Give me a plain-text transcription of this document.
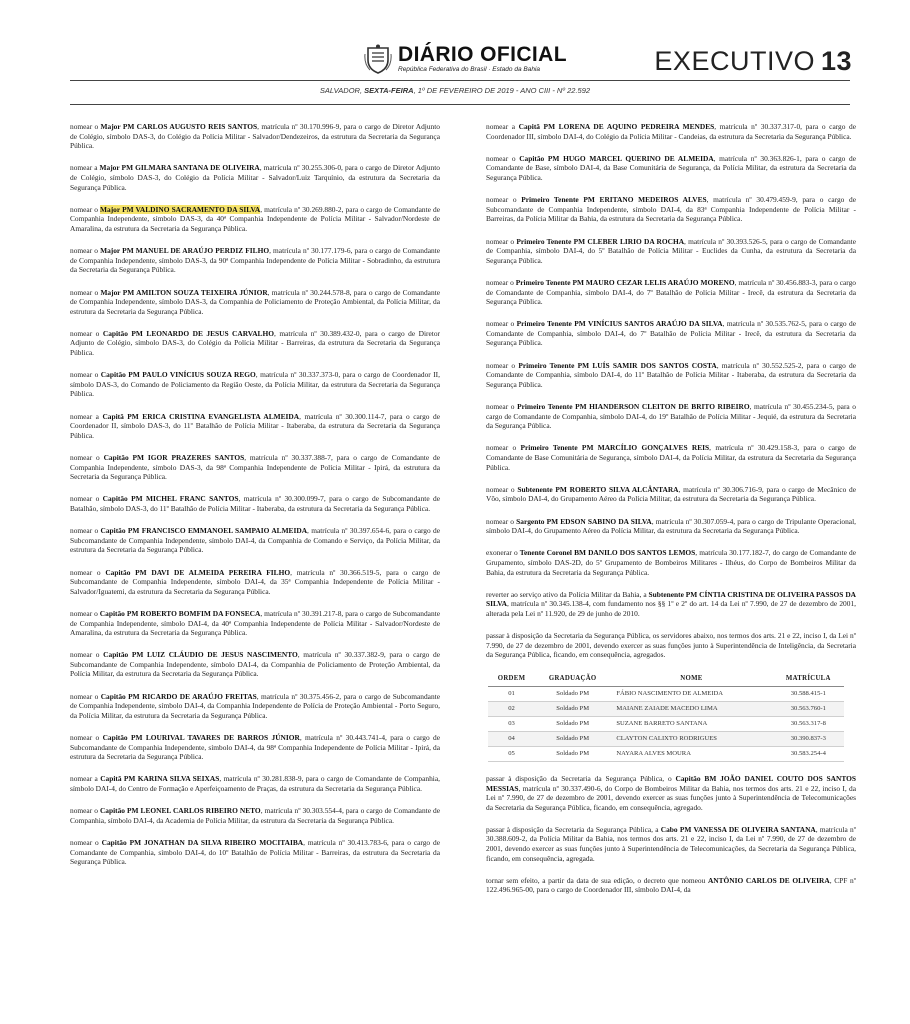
DIÁRIO OFICIAL
República Federativa do Brasil · Estado da Bahia	EXECUTIVO 13
SALVADOR, SEXTA-FEIRA, 1º DE FEVEREIRO DE 2019 - ANO CIII - Nº 22.592
nomear o Major PM CARLOS AUGUSTO REIS SANTOS, matrícula nº 30.170.996-9, para o cargo de Diretor Adjunto de Colégio, símbolo DAS-3, do Colégio da Polícia Militar - Salvador/Dendezeiros, da estrutura da Secretaria da Segurança Pública.
nomear a Major PM GILMARA SANTANA DE OLIVEIRA, matrícula nº 30.255.306-0, para o cargo de Diretor Adjunto de Colégio, símbolo DAS-3, do Colégio da Polícia Militar - Salvador/Luiz Tarquínio, da estrutura da Secretaria da Segurança Pública.
nomear o Major PM VALDINO SACRAMENTO DA SILVA, matrícula nº 30.269.880-2, para o cargo de Comandante de Companhia Independente, símbolo DAS-3, da 40ª Companhia Independente de Polícia Militar - Salvador/Nordeste de Amaralina, da estrutura da Secretaria da Segurança Pública.
nomear o Major PM MANUEL DE ARAÚJO PERDIZ FILHO, matrícula nº 30.177.179-6, para o cargo de Comandante de Companhia Independente, símbolo DAS-3, da 90ª Companhia Independente de Polícia Militar - Sobradinho, da estrutura da Secretaria da Segurança Pública.
nomear o Major PM AMILTON SOUZA TEIXEIRA JÚNIOR, matrícula nº 30.244.578-8, para o cargo de Comandante de Companhia Independente, símbolo DAS-3, da Companhia de Policiamento de Proteção Ambiental, da Polícia Militar, da estrutura da Secretaria da Segurança Pública.
nomear o Capitão PM LEONARDO DE JESUS CARVALHO, matrícula nº 30.389.432-0, para o cargo de Diretor Adjunto de Colégio, símbolo DAS-3, do Colégio da Polícia Militar - Barreiras, da estrutura da Secretaria da Segurança Pública.
nomear o Capitão PM PAULO VINÍCIUS SOUZA REGO, matrícula nº 30.337.373-0, para o cargo de Coordenador II, símbolo DAS-3, do Comando de Policiamento da Região Oeste, da Polícia Militar, da estrutura da Secretaria da Segurança Pública.
nomear a Capitã PM ERICA CRISTINA EVANGELISTA ALMEIDA, matrícula nº 30.300.114-7, para o cargo de Coordenador II, símbolo DAS-3, do 11º Batalhão de Polícia Militar - Itaberaba, da estrutura da Secretaria da Segurança Pública.
nomear o Capitão PM IGOR PRAZERES SANTOS, matrícula nº 30.337.388-7, para o cargo de Comandante de Companhia Independente, símbolo DAS-3, da 98ª Companhia Independente de Polícia Militar - Ipirá, da estrutura da Secretaria da Segurança Pública.
nomear o Capitão PM MICHEL FRANC SANTOS, matrícula nº 30.300.099-7, para o cargo de Subcomandante de Batalhão, símbolo DAS-3, do 11º Batalhão de Polícia Militar - Itaberaba, da estrutura da Secretaria da Segurança Pública.
nomear o Capitão PM FRANCISCO EMMANOEL SAMPAIO ALMEIDA, matrícula nº 30.397.654-6, para o cargo de Subcomandante de Companhia Independente, símbolo DAI-4, da Companhia de Comando e Serviço, da Polícia Militar, da estrutura da Secretaria da Segurança Pública.
nomear o Capitão PM DAVI DE ALMEIDA PEREIRA FILHO, matrícula nº 30.366.519-5, para o cargo de Subcomandante de Companhia Independente, símbolo DAI-4, da 35ª Companhia Independente de Polícia Militar - Salvador/Iguatemi, da estrutura da Secretaria da Segurança Pública.
nomear o Capitão PM ROBERTO BOMFIM DA FONSECA, matrícula nº 30.391.217-8, para o cargo de Subcomandante de Companhia Independente, símbolo DAI-4, da 40ª Companhia Independente de Polícia Militar - Salvador/Nordeste de Amaralina, da estrutura da Secretaria da Segurança Pública.
nomear o Capitão PM LUIZ CLÁUDIO DE JESUS NASCIMENTO, matrícula nº 30.337.382-9, para o cargo de Subcomandante de Companhia Independente, símbolo DAI-4, da Companhia de Policiamento de Proteção Ambiental, da Polícia Militar, da estrutura da Secretaria da Segurança Pública.
nomear o Capitão PM RICARDO DE ARAÚJO FREITAS, matrícula nº 30.375.456-2, para o cargo de Subcomandante de Companhia Independente, símbolo DAI-4, da Companhia Independente de Polícia de Proteção Ambiental - Porto Seguro, da Polícia Militar, da estrutura da Secretaria da Segurança Pública.
nomear o Capitão PM LOURIVAL TAVARES DE BARROS JÚNIOR, matrícula nº 30.443.741-4, para o cargo de Subcomandante de Companhia Independente, símbolo DAI-4, da 98ª Companhia Independente de Polícia Militar - Ipirá, da estrutura da Secretaria da Segurança Pública.
nomear a Capitã PM KARINA SILVA SEIXAS, matrícula nº 30.281.838-9, para o cargo de Comandante de Companhia, símbolo DAI-4, do Centro de Formação e Aperfeiçoamento de Praças, da estrutura da Secretaria da Segurança Pública.
nomear o Capitão PM LEONEL CARLOS RIBEIRO NETO, matrícula nº 30.303.554-4, para o cargo de Comandante de Companhia, símbolo DAI-4, da Academia de Polícia Militar, da estrutura da Secretaria da Segurança Pública.
nomear o Capitão PM JONATHAN DA SILVA RIBEIRO MOCITAIBA, matrícula nº 30.413.783-6, para o cargo de Comandante de Companhia, símbolo DAI-4, do 10º Batalhão de Polícia Militar - Barreiras, da estrutura da Secretaria da Segurança Pública.
nomear a Capitã PM LORENA DE AQUINO PEDREIRA MENDES, matrícula nº 30.337.317-0, para o cargo de Coordenador III, símbolo DAI-4, do Colégio da Polícia Militar - Candeias, da estrutura da Secretaria da Segurança Pública.
nomear o Capitão PM HUGO MARCEL QUERINO DE ALMEIDA, matrícula nº 30.363.826-1, para o cargo de Comandante de Base, símbolo DAI-4, da Base Comunitária de Segurança, da Polícia Militar, da estrutura da Secretaria da Segurança Pública.
nomear o Primeiro Tenente PM ERITANO MEDEIROS ALVES, matrícula nº 30.479.459-9, para o cargo de Subcomandante de Companhia Independente, símbolo DAI-4, da 83ª Companhia Independente de Polícia Militar - Barreiras, da Polícia Militar da Bahia, da estrutura da Secretaria da Segurança Pública.
nomear o Primeiro Tenente PM CLEBER LIRIO DA ROCHA, matrícula nº 30.393.526-5, para o cargo de Comandante de Companhia, símbolo DAI-4, do 5º Batalhão de Polícia Militar - Euclides da Cunha, da estrutura da Secretaria da Segurança Pública.
nomear o Primeiro Tenente PM MAURO CEZAR LELIS ARAÚJO MORENO, matrícula nº 30.456.883-3, para o cargo de Comandante de Companhia, símbolo DAI-4, do 7º Batalhão de Polícia Militar - Irecê, da estrutura da Secretaria da Segurança Pública.
nomear o Primeiro Tenente PM VINÍCIUS SANTOS ARAÚJO DA SILVA, matrícula nº 30.535.762-5, para o cargo de Comandante de Companhia, símbolo DAI-4, do 7º Batalhão de Polícia Militar - Irecê, da estrutura da Secretaria da Segurança Pública.
nomear o Primeiro Tenente PM LUÍS SAMIR DOS SANTOS COSTA, matrícula nº 30.552.525-2, para o cargo de Comandante de Companhia, símbolo DAI-4, do 11º Batalhão de Polícia Militar - Itaberaba, da estrutura da Secretaria da Segurança Pública.
nomear o Primeiro Tenente PM HIANDERSON CLEITON DE BRITO RIBEIRO, matrícula nº 30.455.234-5, para o cargo de Comandante de Companhia, símbolo DAI-4, do 19º Batalhão de Polícia Militar - Jequié, da estrutura da Secretaria da Segurança Pública.
nomear o Primeiro Tenente PM MARCÍLIO GONÇALVES REIS, matrícula nº 30.429.158-3, para o cargo de Comandante de Base Comunitária de Segurança, símbolo DAI-4, da Polícia Militar, da estrutura da Secretaria da Segurança Pública.
nomear o Subtenente PM ROBERTO SILVA ALCÂNTARA, matrícula nº 30.306.716-9, para o cargo de Mecânico de Vôo, símbolo DAI-4, do Grupamento Aéreo da Polícia Militar, da estrutura da Secretaria da Segurança Pública.
nomear o Sargento PM EDSON SABINO DA SILVA, matrícula nº 30.307.059-4, para o cargo de Tripulante Operacional, símbolo DAI-4, do Grupamento Aéreo da Polícia Militar, da estrutura da Secretaria da Segurança Pública.
exonerar o Tenente Coronel BM DANILO DOS SANTOS LEMOS, matrícula 30.177.182-7, do cargo de Comandante de Grupamento, símbolo DAS-2D, do 5º Grupamento de Bombeiros Militares - Ilhéus, do Corpo de Bombeiros Militar da Bahia, da estrutura da Secretaria da Segurança Pública.
reverter ao serviço ativo da Polícia Militar da Bahia, a Subtenente PM CÍNTIA CRISTINA DE OLIVEIRA PASSOS DA SILVA, matrícula nº 30.345.138-4, com fundamento nos §§ 1º e 2º do art. 14 da Lei nº 7.990, de 27 de dezembro de 2001, alterada pela Lei nº 11.920, de 29 de junho de 2010.
passar à disposição da Secretaria da Segurança Pública, os servidores abaixo, nos termos dos arts. 21 e 22, inciso I, da Lei nº 7.990, de 27 de dezembro de 2001, devendo exercer as suas funções junto à Superintendência de Inteligência, da Secretaria da Segurança Pública, ficando, em consequência, agregados.
ORDEM	GRADUAÇÃO	NOME	MATRÍCULA
01	Soldado PM	FÁBIO NASCIMENTO DE ALMEIDA	30.588.415-1
02	Soldado PM	MAIANE ZAIADE MACEDO LIMA	30.563.760-1
03	Soldado PM	SUZANE BARRETO SANTANA	30.563.317-8
04	Soldado PM	CLAYTON CALIXTO RODRIGUES	30.390.837-3
05	Soldado PM	NAYARA ALVES MOURA	30.583.254-4
passar à disposição da Secretaria da Segurança Pública, o Capitão BM JOÃO DANIEL COUTO DOS SANTOS MESSIAS, matrícula nº 30.337.490-6, do Corpo de Bombeiros Militar da Bahia, nos termos dos arts. 21 e 22, inciso I, da Lei nº 7.990, de 27 de dezembro de 2001, devendo exercer as suas funções junto à Superintendência de Telecomunicações da Secretaria da Segurança Pública, ficando, em consequência, agregado.
passar à disposição da Secretaria da Segurança Pública, a Cabo PM VANESSA DE OLIVEIRA SANTANA, matrícula nº 30.388.609-2, da Polícia Militar da Bahia, nos termos dos arts. 21 e 22, inciso I, da Lei nº 7.990, de 27 de dezembro de 2001, devendo exercer as suas funções junto à Superintendência de Telecomunicações, da Secretaria da Segurança Pública, ficando, em consequência, agregada.
tornar sem efeito, a partir da data de sua edição, o decreto que nomeou ANTÔNIO CARLOS DE OLIVEIRA, CPF nº 122.496.965-00, para o cargo de Coordenador III, símbolo DAI-4, da
